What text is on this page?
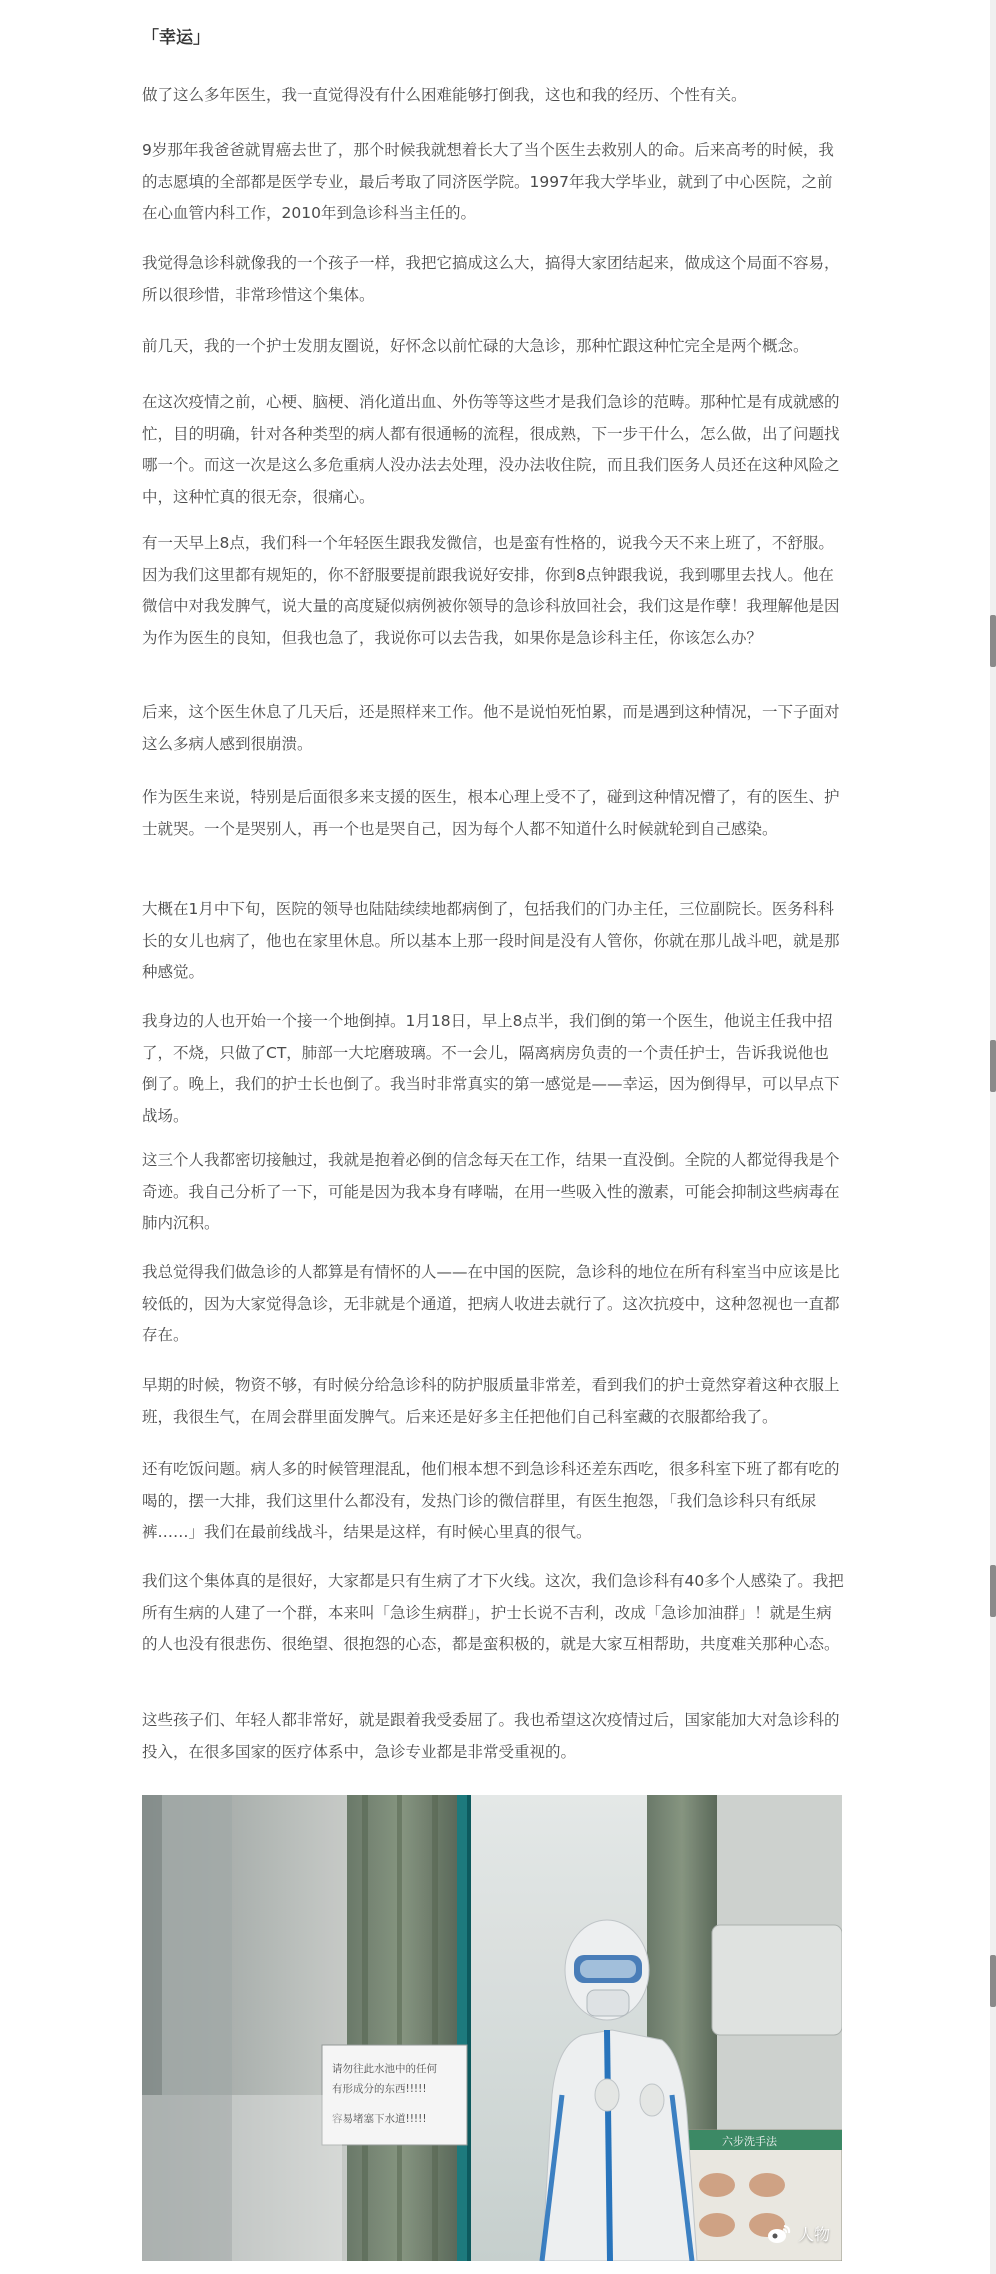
「幸运」

做了这么多年医生，我一直觉得没有什么困难能够打倒我，这也和我的经历、个性有关。

9岁那年我爸爸就胃癌去世了，那个时候我就想着长大了当个医生去救别人的命。后来高考的时候，我的志愿填的全部都是医学专业，最后考取了同济医学院。1997年我大学毕业，就到了中心医院，之前在心血管内科工作，2010年到急诊科当主任的。

我觉得急诊科就像我的一个孩子一样，我把它搞成这么大，搞得大家团结起来，做成这个局面不容易，所以很珍惜，非常珍惜这个集体。

前几天，我的一个护士发朋友圈说，好怀念以前忙碌的大急诊，那种忙跟这种忙完全是两个概念。

在这次疫情之前，心梗、脑梗、消化道出血、外伤等等这些才是我们急诊的范畴。那种忙是有成就感的忙，目的明确，针对各种类型的病人都有很通畅的流程，很成熟，下一步干什么，怎么做，出了问题找哪一个。而这一次是这么多危重病人没办法去处理，没办法收住院，而且我们医务人员还在这种风险之中，这种忙真的很无奈，很痛心。

有一天早上8点，我们科一个年轻医生跟我发微信，也是蛮有性格的，说我今天不来上班了，不舒服。因为我们这里都有规矩的，你不舒服要提前跟我说好安排，你到8点钟跟我说，我到哪里去找人。他在微信中对我发脾气，说大量的高度疑似病例被你领导的急诊科放回社会，我们这是作孽！我理解他是因为作为医生的良知，但我也急了，我说你可以去告我，如果你是急诊科主任，你该怎么办？

后来，这个医生休息了几天后，还是照样来工作。他不是说怕死怕累，而是遇到这种情况，一下子面对这么多病人感到很崩溃。

作为医生来说，特别是后面很多来支援的医生，根本心理上受不了，碰到这种情况懵了，有的医生、护士就哭。一个是哭别人，再一个也是哭自己，因为每个人都不知道什么时候就轮到自己感染。

大概在1月中下旬，医院的领导也陆陆续续地都病倒了，包括我们的门办主任，三位副院长。医务科科长的女儿也病了，他也在家里休息。所以基本上那一段时间是没有人管你，你就在那儿战斗吧，就是那种感觉。

我身边的人也开始一个接一个地倒掉。1月18日，早上8点半，我们倒的第一个医生，他说主任我中招了，不烧，只做了CT，肺部一大坨磨玻璃。不一会儿，隔离病房负责的一个责任护士，告诉我说他也倒了。晚上，我们的护士长也倒了。我当时非常真实的第一感觉是——幸运，因为倒得早，可以早点下战场。

这三个人我都密切接触过，我就是抱着必倒的信念每天在工作，结果一直没倒。全院的人都觉得我是个奇迹。我自己分析了一下，可能是因为我本身有哮喘，在用一些吸入性的激素，可能会抑制这些病毒在肺内沉积。

我总觉得我们做急诊的人都算是有情怀的人——在中国的医院，急诊科的地位在所有科室当中应该是比较低的，因为大家觉得急诊，无非就是个通道，把病人收进去就行了。这次抗疫中，这种忽视也一直都存在。

早期的时候，物资不够，有时候分给急诊科的防护服质量非常差，看到我们的护士竟然穿着这种衣服上班，我很生气，在周会群里面发脾气。后来还是好多主任把他们自己科室藏的衣服都给我了。

还有吃饭问题。病人多的时候管理混乱，他们根本想不到急诊科还差东西吃，很多科室下班了都有吃的喝的，摆一大排，我们这里什么都没有，发热门诊的微信群里，有医生抱怨，「我们急诊科只有纸尿裤……」我们在最前线战斗，结果是这样，有时候心里真的很气。

我们这个集体真的是很好，大家都是只有生病了才下火线。这次，我们急诊科有40多个人感染了。我把所有生病的人建了一个群，本来叫「急诊生病群」，护士长说不吉利，改成「急诊加油群」！就是生病的人也没有很悲伤、很绝望、很抱怨的心态，都是蛮积极的，就是大家互相帮助，共度难关那种心态。

这些孩子们、年轻人都非常好，就是跟着我受委屈了。我也希望这次疫情过后，国家能加大对急诊科的投入，在很多国家的医疗体系中，急诊专业都是非常受重视的。

请勿往此水池中的任何
有形成分的东西!!!!!
容易堵塞下水道!!!!!
六步洗手法
人物
